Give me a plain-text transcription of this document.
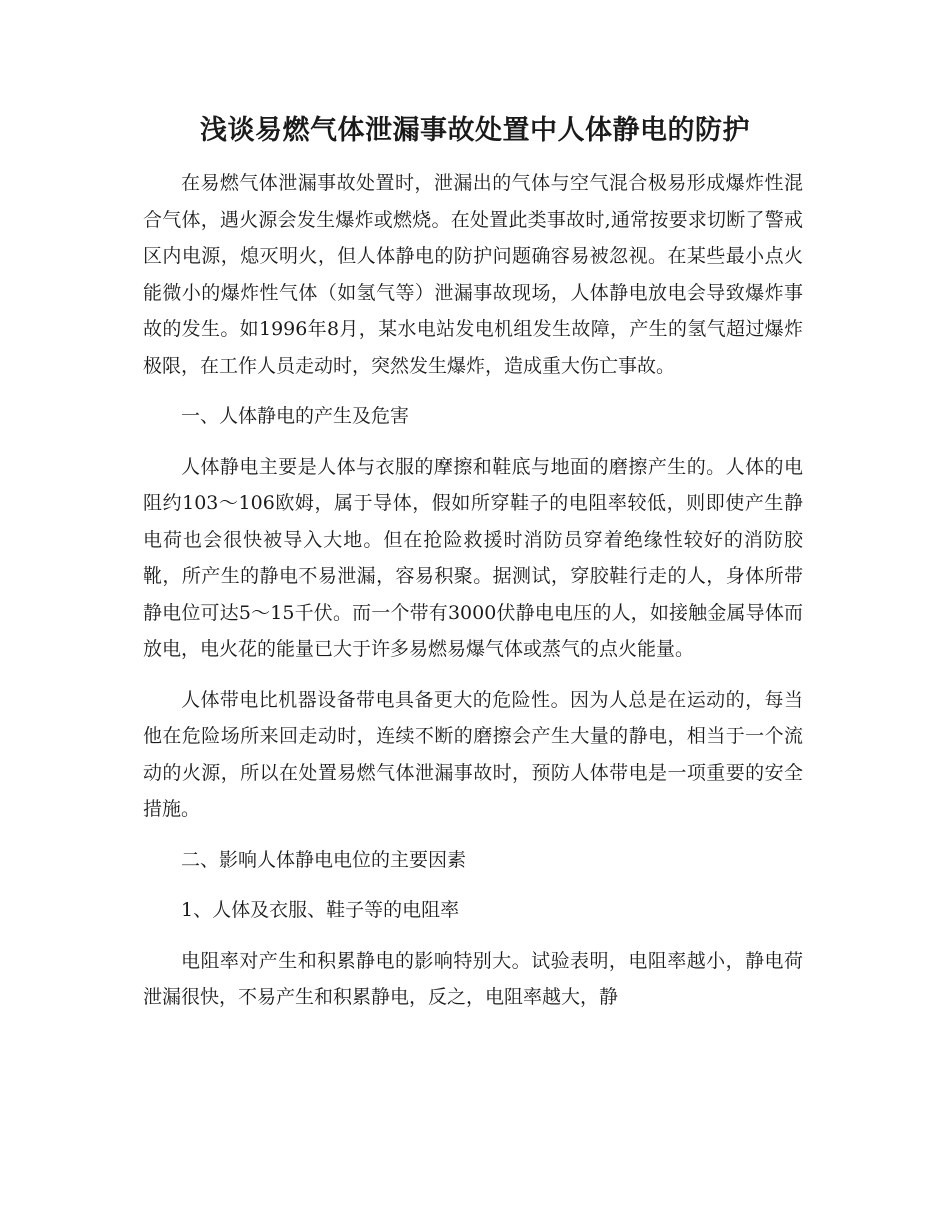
浅谈易燃气体泄漏事故处置中人体静电的防护

在易燃气体泄漏事故处置时，泄漏出的气体与空气混合极易形成爆炸性混合气体，遇火源会发生爆炸或燃烧。在处置此类事故时,通常按要求切断了警戒区内电源，熄灭明火，但人体静电的防护问题确容易被忽视。在某些最小点火能微小的爆炸性气体（如氢气等）泄漏事故现场，人体静电放电会导致爆炸事故的发生。如1996年8月，某水电站发电机组发生故障，产生的氢气超过爆炸极限，在工作人员走动时，突然发生爆炸，造成重大伤亡事故。

一、人体静电的产生及危害

人体静电主要是人体与衣服的摩擦和鞋底与地面的磨擦产生的。人体的电阻约103～106欧姆，属于导体，假如所穿鞋子的电阻率较低，则即使产生静电荷也会很快被导入大地。但在抢险救援时消防员穿着绝缘性较好的消防胶靴，所产生的静电不易泄漏，容易积聚。据测试，穿胶鞋行走的人，身体所带静电位可达5～15千伏。而一个带有3000伏静电电压的人，如接触金属导体而放电，电火花的能量已大于许多易燃易爆气体或蒸气的点火能量。

人体带电比机器设备带电具备更大的危险性。因为人总是在运动的，每当他在危险场所来回走动时，连续不断的磨擦会产生大量的静电，相当于一个流动的火源，所以在处置易燃气体泄漏事故时，预防人体带电是一项重要的安全措施。

二、影响人体静电电位的主要因素

1、人体及衣服、鞋子等的电阻率

电阻率对产生和积累静电的影响特别大。试验表明，电阻率越小，静电荷泄漏很快，不易产生和积累静电，反之，电阻率越大，静
